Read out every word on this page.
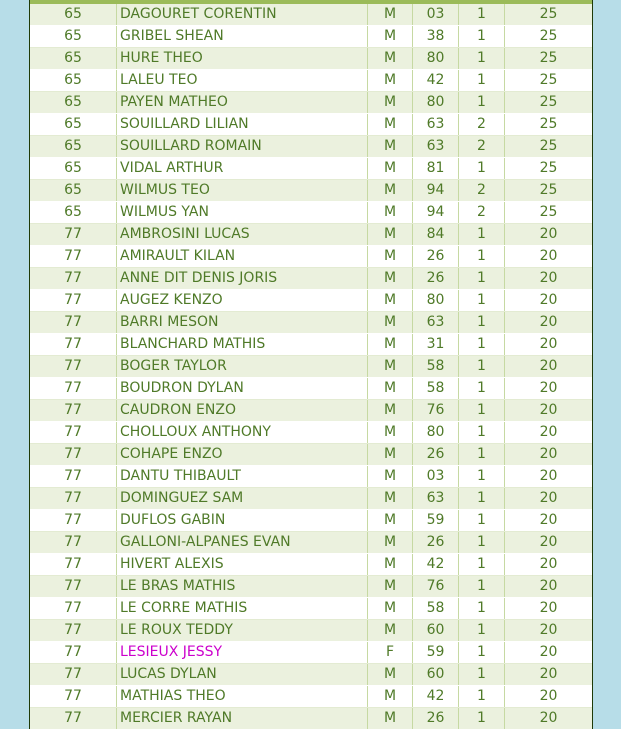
65	DAGOURET CORENTIN	M	03	1	25
65	GRIBEL SHEAN	M	38	1	25
65	HURE THEO	M	80	1	25
65	LALEU TEO	M	42	1	25
65	PAYEN MATHEO	M	80	1	25
65	SOUILLARD LILIAN	M	63	2	25
65	SOUILLARD ROMAIN	M	63	2	25
65	VIDAL ARTHUR	M	81	1	25
65	WILMUS TEO	M	94	2	25
65	WILMUS YAN	M	94	2	25
77	AMBROSINI LUCAS	M	84	1	20
77	AMIRAULT KILAN	M	26	1	20
77	ANNE DIT DENIS JORIS	M	26	1	20
77	AUGEZ KENZO	M	80	1	20
77	BARRI MESON	M	63	1	20
77	BLANCHARD MATHIS	M	31	1	20
77	BOGER TAYLOR	M	58	1	20
77	BOUDRON DYLAN	M	58	1	20
77	CAUDRON ENZO	M	76	1	20
77	CHOLLOUX ANTHONY	M	80	1	20
77	COHAPE ENZO	M	26	1	20
77	DANTU THIBAULT	M	03	1	20
77	DOMINGUEZ SAM	M	63	1	20
77	DUFLOS GABIN	M	59	1	20
77	GALLONI-ALPANES EVAN	M	26	1	20
77	HIVERT ALEXIS	M	42	1	20
77	LE BRAS MATHIS	M	76	1	20
77	LE CORRE MATHIS	M	58	1	20
77	LE ROUX TEDDY	M	60	1	20
77	LESIEUX JESSY	F	59	1	20
77	LUCAS DYLAN	M	60	1	20
77	MATHIAS THEO	M	42	1	20
77	MERCIER RAYAN	M	26	1	20
